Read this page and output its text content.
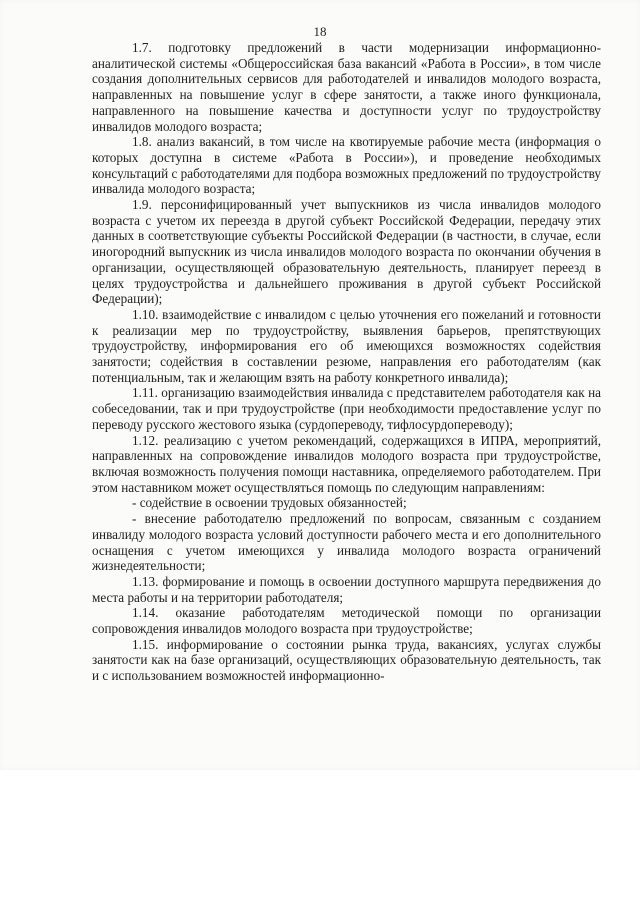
18

1.7. подготовку предложений в части модернизации информационно-аналитической системы «Общероссийская база вакансий «Работа в России», в том числе создания дополнительных сервисов для работодателей и инвалидов молодого возраста, направленных на повышение услуг в сфере занятости, а также иного функционала, направленного на повышение качества и доступности услуг по трудоустройству инвалидов молодого возраста;

1.8. анализ вакансий, в том числе на квотируемые рабочие места (информация о которых доступна в системе «Работа в России»), и проведение необходимых консультаций с работодателями для подбора возможных предложений по трудоустройству инвалида молодого возраста;

1.9. персонифицированный учет выпускников из числа инвалидов молодого возраста с учетом их переезда в другой субъект Российской Федерации, передачу этих данных в соответствующие субъекты Российской Федерации (в частности, в случае, если иногородний выпускник из числа инвалидов молодого возраста по окончании обучения в организации, осуществляющей образовательную деятельность, планирует переезд в целях трудоустройства и дальнейшего проживания в другой субъект Российской Федерации);

1.10. взаимодействие с инвалидом с целью уточнения его пожеланий и готовности к реализации мер по трудоустройству, выявления барьеров, препятствующих трудоустройству, информирования его об имеющихся возможностях содействия занятости; содействия в составлении резюме, направления его работодателям (как потенциальным, так и желающим взять на работу конкретного инвалида);

1.11. организацию взаимодействия инвалида с представителем работодателя как на собеседовании, так и при трудоустройстве (при необходимости предоставление услуг по переводу русского жестового языка (сурдопереводу, тифлосурдопереводу);

1.12. реализацию с учетом рекомендаций, содержащихся в ИПРА, мероприятий, направленных на сопровождение инвалидов молодого возраста при трудоустройстве, включая возможность получения помощи наставника, определяемого работодателем. При этом наставником может осуществляться помощь по следующим направлениям:

- содействие в освоении трудовых обязанностей;

- внесение работодателю предложений по вопросам, связанным с созданием инвалиду молодого возраста условий доступности рабочего места и его дополнительного оснащения с учетом имеющихся у инвалида молодого возраста ограничений жизнедеятельности;

1.13. формирование и помощь в освоении доступного маршрута передвижения до места работы и на территории работодателя;

1.14. оказание работодателям методической помощи по организации сопровождения инвалидов молодого возраста при трудоустройстве;

1.15. информирование о состоянии рынка труда, вакансиях, услугах службы занятости как на базе организаций, осуществляющих образовательную деятельность, так и с использованием возможностей информационно-
